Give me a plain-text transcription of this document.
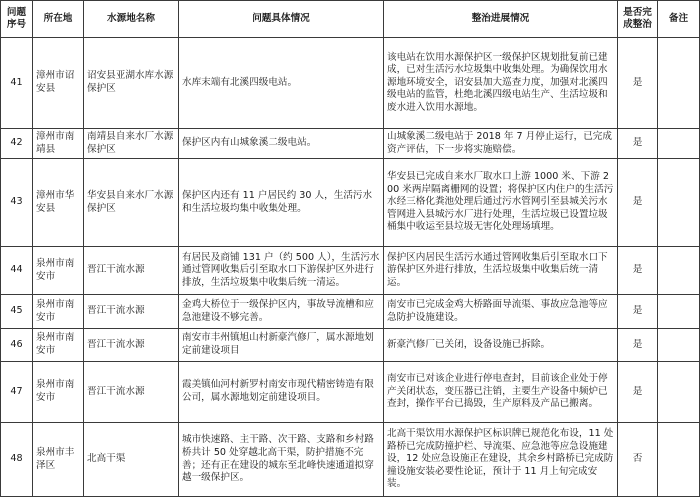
问题序号	所在地	水源地名称	问题具体情况	整治进展情况	是否完成整治	备注
41	漳州市诏安县	诏安县亚湖水库水源保护区	水库末端有北溪四级电站。	该电站在饮用水源保护区一级保护区规划批复前已建成，已对生活污水垃圾集中收集处理。为确保饮用水源地环境安全，诏安县加大巡查力度，加强对北溪四级电站的监管，杜绝北溪四级电站生产、生活垃圾和废水进入饮用水源地。	是	
42	漳州市南靖县	南靖县自来水厂水源保护区	保护区内有山城象溪二级电站。	山城象溪二级电站于 2018 年 7 月停止运行，已完成资产评估，下一步将实施赔偿。	是	
43	漳州市华安县	华安县自来水厂水源保护区	保护区内还有 11 户居民约 30 人，生活污水和生活垃圾均集中收集处理。	华安县已完成自来水厂取水口上游 1000 米、下游 200 米两岸隔离栅网的设置；将保护区内住户的生活污水经三格化粪池处理后通过污水管网引至县城关污水管网进入县城污水厂进行处理，生活垃圾已设置垃圾桶集中收运至县垃圾无害化处理场填埋。	是	
44	泉州市南安市	晋江干流水源	有居民及商铺 131 户（约 500 人），生活污水通过管网收集后引至取水口下游保护区外进行排放，生活垃圾集中收集后统一清运。	保护区内居民生活污水通过管网收集后引至取水口下游保护区外进行排放，生活垃圾集中收集后统一清运。	是	
45	泉州市南安市	晋江干流水源	金鸡大桥位于一级保护区内，事故导流槽和应急池建设不够完善。	南安市已完成金鸡大桥路面导流渠、事故应急池等应急防护设施建设。	是	
46	泉州市南安市	晋江干流水源	南安市丰州镇旭山村新豪汽修厂，属水源地划定前建设项目	新豪汽修厂已关闭，设备设施已拆除。	是	
47	泉州市南安市	晋江干流水源	霞美镇仙河村新罗村南安市现代精密铸造有限公司，属水源地划定前建设项目。	南安市已对该企业进行停电查封，目前该企业处于停产关闭状态，变压器已注销，主要生产设备中频炉已查封，操作平台已捣毁，生产原料及产品已搬离。	是	
48	泉州市丰泽区	北高干渠	城市快速路、主干路、次干路、支路和乡村路桥共计 50 处穿越北高干渠，防护措施不完善；还有正在建设的城东至北峰快速通道拟穿越一级保护区。	北高干渠饮用水源保护区标识牌已规范化布设，11 处路桥已完成防撞护栏、导流渠、应急池等应急设施建设，12 处应急设施正在建设，其余乡村路桥已完成防撞设施安装必要性论证，预计于 11 月上旬完成安装。	否	
